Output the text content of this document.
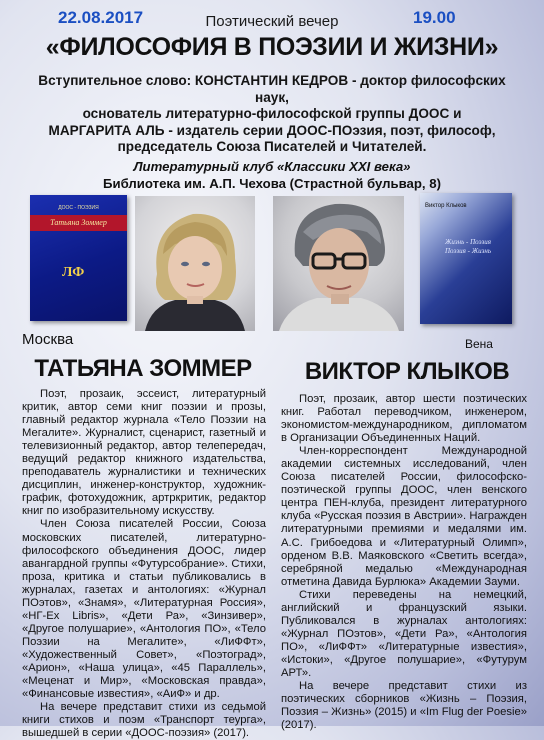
22.08.2017	19.00
Поэтический вечер
«ФИЛОСОФИЯ В ПОЭЗИИ И ЖИЗНИ»
Вступительное слово: КОНСТАНТИН КЕДРОВ - доктор философских наук,
основатель литературно-философской группы ДООС и
МАРГАРИТА АЛЬ - издатель серии ДООС-ПОэзия, поэт, философ,
председатель Союза Писателей и Читателей.
Литературный клуб «Классики XXI века»
Библиотека им. А.П. Чехова (Страстной бульвар, 8)
ДООС - ПОЭЗИЯ
Татьяна Зоммер
ЛФ
Виктор Клыков
Жизнь - Поэзия
Поэзия - Жизнь
Москва	Вена
ТАТЬЯНА ЗОММЕР	ВИКТОР КЛЫКОВ

Поэт, прозаик, эссеист, литературный критик, автор семи книг поэзии и прозы, главный редактор журнала «Тело Поэзии на Мегалите». Журналист, сценарист, газетный и телевизионный редактор, автор телепередач, ведущий редактор книжного издательства, преподаватель журналистики и технических дисциплин, инженер-конструктор, художник-график, фотохудожник, артркритик, редактор книг по изобразительному искусству.

Член Союза писателей России, Союза московских писателей, литературно-философского объединения ДООС, лидер авангардной группы «Футурсобрание». Стихи, проза, критика и статьи публиковались в журналах, газетах и антологиях: «Журнал ПОэтов», «Знамя», «Литературная Россия», «НГ-Ex Libris», «Дети Ра», «Зинзивер», «Другое полушарие», «Антология ПО», «Тело Поэзии на Мегалите», «ЛиФФт», «Художественный Совет», «Поэтоград», «Арион», «Наша улица», «45 Параллель», «Меценат и Мир», «Московская правда», «Финансовые известия», «АиФ» и др.

На вечере представит стихи из седьмой книги стихов и поэм «Транспорт теурга», вышедшей в серии «ДООС-поэзия» (2017).

Поэт, прозаик, автор шести поэтических книг. Работал переводчиком, инженером, экономистом-международником, дипломатом в Организации Объединенных Наций.

Член-корреспондент Международной академии системных исследований, член Союза писателей России, философско-поэтической группы ДООС, член венского центра ПЕН-клуба, президент литературного клуба «Русская поэзия в Австрии». Награжден литературными премиями и медалями им. А.С. Грибоедова и «Литературный Олимп», орденом В.В. Маяковского «Светить всегда», серебряной медалью «Международная отметина Давида Бурлюка» Академии Зауми.

Стихи переведены на немецкий, английский и французский языки. Публиковался в журналах антологиях: «Журнал ПОэтов», «Дети Ра», «Антология ПО», «ЛиФФт» «Литературные известия», «Истоки», «Другое полушарие», «Футурум АРТ».

На вечере представит стихи из поэтических сборников «Жизнь – Поэзия, Поэзия – Жизнь» (2015) и «Im Flug der Poesie» (2017).
